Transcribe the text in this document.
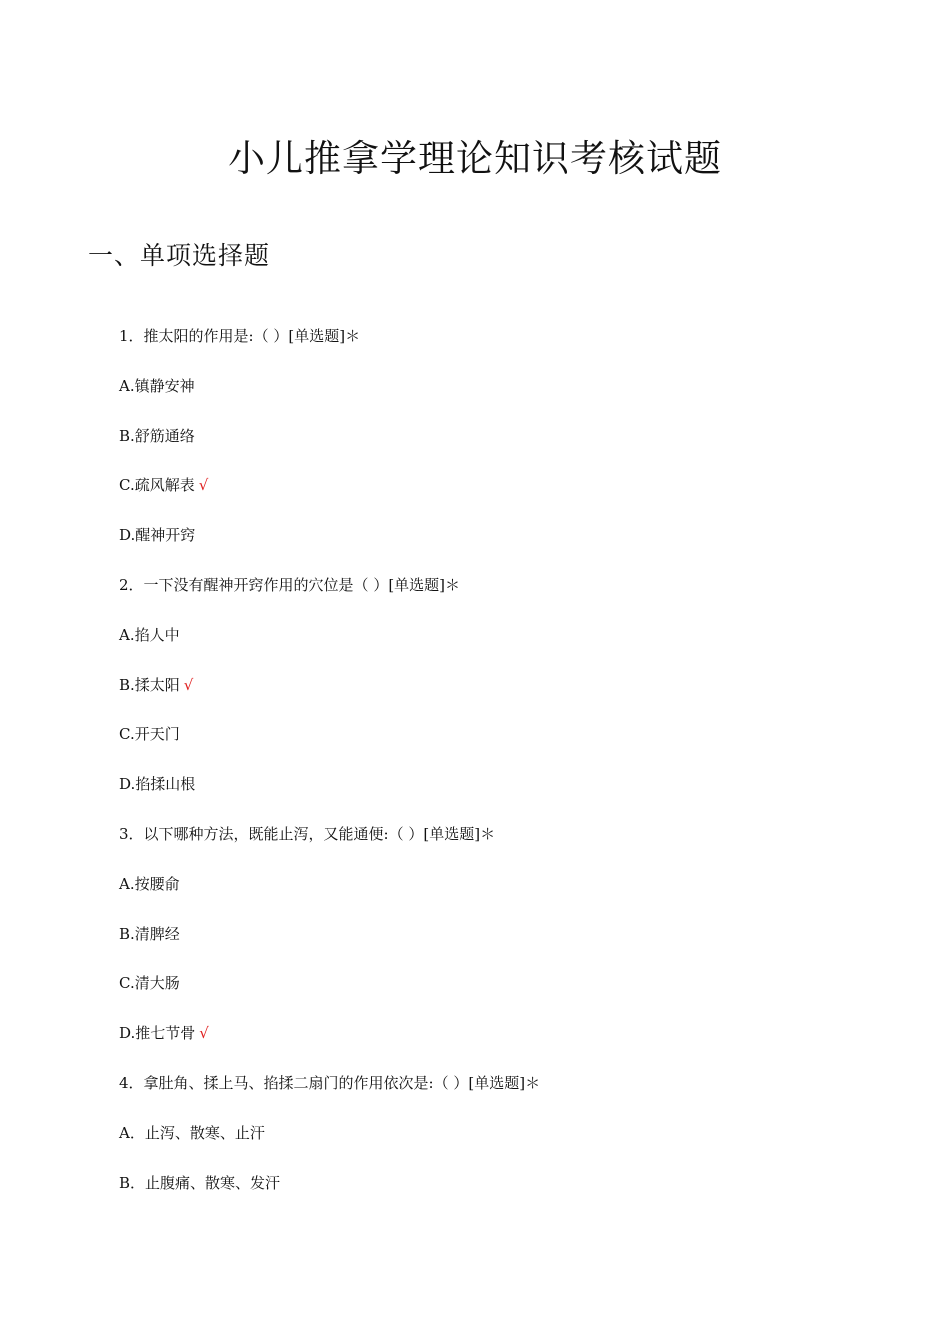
小儿推拿学理论知识考核试题
一、单项选择题
1．推太阳的作用是:（ ）[单选题]＊
A.镇静安神
B.舒筋通络
C.疏风解表 √
D.醒神开窍
2．一下没有醒神开窍作用的穴位是（ ）[单选题]＊
A.掐人中
B.揉太阳 √
C.开天门
D.掐揉山根
3．以下哪种方法，既能止泻，又能通便:（ ）[单选题]＊
A.按腰俞
B.清脾经
C.清大肠
D.推七节骨 √
4．拿肚角、揉上马、掐揉二扇门的作用依次是:（ ）[单选题]＊
A．止泻、散寒、止汗
B．止腹痛、散寒、发汗
